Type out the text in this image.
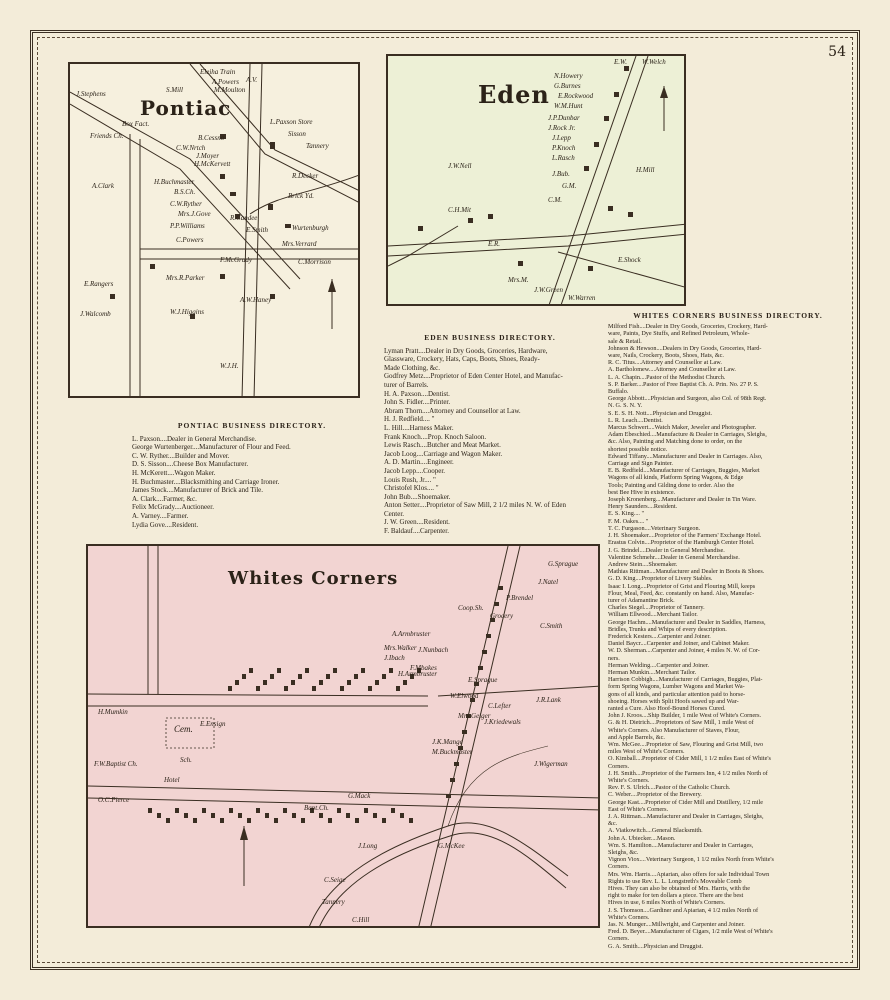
54
Pontiac
Eleiha Train
A.V.
J.Stephens	S.Mill
A.Powers
M.Moulton
Box Fact.
Friends Ch.	B.Cessno
C.W.Nrtch
J.Moyer
H.McKervett
L.Paxson Store
Sisson
Tannery
R.Decker
A.Clark	H.Buchmaster
B.S.Ch.
C.W.Ryther
Mrs.J.Gove
P.P.Williams
R.Candee
Brick Yd.
Wurtenburgh
Mrs.Verrard
E.Smith
C.Powers
Mrs.R.Parker
F.McGrady	C.Morrison
E.Rangers
J.Walcomb	W.J.Higgins
A.W.Haney
W.J.H.
Eden
E.W. W.Welch
N.Howery
G.Burnes
E.Rockwood
W.M.Hunt
J.P.Dunbar
J.Rock Jr.
J.Lepp
P.Knoch
L.Rasch
J.Bub.
G.M.
H.Mill
J.W.Nell
C.M.
C.H.Mit
Mrs.M.
J.W.Green
E.R.
W.Warren
E.Shock
PONTIAC BUSINESS DIRECTORY.
L. Paxson....Dealer in General Merchandise.
George Wurtenberger....Manufacturer of Flour and Feed.
C. W. Ryther....Builder and Mover.
D. S. Sisson....Cheese Box Manufacturer.
H. McKerett....Wagon Maker.
H. Buchmaster....Blacksmithing and Carriage Ironer.
James Stock....Manufacturer of Brick and Tile.
A. Clark....Farmer, &c.
Felix McGrady....Auctioneer.
A. Varney....Farmer.
Lydia Gove....Resident.
EDEN BUSINESS DIRECTORY.
Lyman Pratt....Dealer in Dry Goods, Groceries, Hardware,
Glassware, Crockery, Hats, Caps, Boots, Shoes, Ready-
Made Clothing, &c.
Godfrey Metz....Proprietor of Eden Center Hotel, and Manufac-
turer of Barrels.
H. A. Paxson....Dentist.
John S. Fidler....Printer.
Abram Thorn....Attorney and Counsellor at Law.
H. J. Redfield.... "
L. Hill....Harness Maker.
Frank Knoch....Prop. Knoch Saloon.
Lewis Rasch....Butcher and Meat Market.
Jacob Loog....Carriage and Wagon Maker.
A. D. Martin....Engineer.
Jacob Lepp....Cooper.
Louis Rush, Jr.... "
Christofel Klos.... "
John Bub....Shoemaker.
Anton Setter....Proprietor of Saw Mill, 2 1/2 miles N. W. of Eden
Center.
J. W. Green....Resident.
F. Baldauf....Carpenter.
WHITES CORNERS BUSINESS DIRECTORY.
Milford Fish....Dealer in Dry Goods, Groceries, Crockery, Hard-
ware, Paints, Dye Stuffs, and Refined Petroleum, Whole-
sale & Retail.
Johnson & Hewson....Dealers in Dry Goods, Groceries, Hard-
ware, Nails, Crockery, Boots, Shoes, Hats, &c.
R. C. Titus....Attorney and Counsellor at Law.
A. Bartholomew....Attorney and Counsellor at Law.
L. A. Chapin....Pastor of the Methodist Church.
S. P. Barker....Pastor of Free Baptist Ch. A. Prin. No. 27 P. S.
Buffalo.
George Abbott....Physician and Surgeon, also Col. of 98th Regt.
N. G. S. N. Y.
S. E. S. H. Nott....Physician and Druggist.
L. R. Leach....Dentist.
Marcus Schwert....Watch Maker, Jeweler and Photographer.
Adam Ebeschied....Manufacture & Dealer in Carriages, Sleighs,
&c. Also, Painting and Matching done to order, on the
shortest possible notice.
Edward Tiffany....Manufacturer and Dealer in Carriages. Also,
Carriage and Sign Painter.
E. B. Redfield....Manufacturer of Carriages, Buggies, Market
Wagons of all kinds, Platform Spring Wagons, & Edge
Tools; Painting and Gilding done to order. Also the
best Bee Hive in existence.
Joseph Kronenberg....Manufacturer and Dealer in Tin Ware.
Henry Saunders....Resident.
E. S. King.... "
F. M. Oakes.... "
T. C. Furgason....Veterinary Surgeon.
J. H. Shoemaker....Proprietor of the Farmers' Exchange Hotel.
Erastus Colvin....Proprietor of the Hamburgh Center Hotel.
J. G. Brindel....Dealer in General Merchandise.
Valentine Schmehr....Dealer in General Merchandise.
Andrew Stein....Shoemaker.
Mathias Rittman....Manufacturer and Dealer in Boots & Shoes.
G. D. King....Proprietor of Livery Stables.
Isaac I. Long....Proprietor of Grist and Flouring Mill, keeps
Flour, Meal, Feed, &c. constantly on hand. Also, Manufac-
turer of Adamantine Brick.
Charles Siegel....Proprietor of Tannery.
William Ellwood....Merchant Tailor.
George Hachm....Manufacturer and Dealer in Saddles, Harness,
Bridles, Trunks and Whips of every description.
Frederick Kesters....Carpenter and Joiner.
Daniel Baycr....Carpenter and Joiner, and Cabinet Maker.
W. D. Sherman....Carpenter and Joiner, 4 miles N. W. of Cor-
ners.
Herman Welding....Carpenter and Joiner.
Herman Munkin....Merchant Tailor.
Harrison Cobbigh....Manufacturer of Carriages, Buggies, Plat-
form Spring Wagons, Lumber Wagons and Market Wa-
gons of all kinds, and particular attention paid to horse-
shoeing. Horses with Split Hoofs sawed up and War-
ranted a Cure. Also Hoof-Bound Horses Cured.
John J. Kroos....Ship Builder, 1 mile West of White's Corners.
G. & H. Dietrich....Proprietors of Saw Mill, 1 mile West of
White's Corners. Also Manufacturer of Staves, Flour,
and Apple Barrels, &c.
Wm. McGee....Proprietor of Saw, Flouring and Grist Mill, two
miles West of White's Corners.
O. Kimball....Proprietor of Cider Mill, 1 1/2 miles East of White's
Corners.
J. H. Smith....Proprietor of the Farmers Inn, 4 1/2 miles North of
White's Corners.
Rev. F. S. Ulrich....Pastor of the Catholic Church.
C. Weber....Proprietor of the Brewery.
George Kast....Proprietor of Cider Mill and Distillery, 1/2 mile
East of White's Corners.
J. A. Rittman....Manufacturer and Dealer in Carriages, Sleighs,
&c.
A. Viatkowitch....General Blacksmith.
John A. Ubiecker....Mason.
Wm. S. Hamilton....Manufacturer and Dealer in Carriages,
Sleighs, &c.
Vignon Viox....Veterinary Surgeon, 1 1/2 miles North from White's
Corners.
Mrs. Wm. Harris....Apiarian, also offers for sale Individual Town
Rights to use Rev. L. L. Longstreth's Moveable Comb
Hives. They can also be obtained of Mrs. Harris, with the
right to make for ten dollars a piece. There are the best
Hives in use, 6 miles North of White's Corners.
J. S. Thomson....Gardiner and Apiarian, 4 1/2 miles North of
White's Corners.
Jas. N. Munger....Millwright, and Carpenter and Joiner.
Fred. D. Beyer....Manufacturer of Cigars, 1/2 mile West of White's
Corners.
G. A. Smith....Physician and Druggist.
Whites Corners
G.Sprague
J.Natel
A.Armbruster
Coop.Sh.
Grocery
P.Brendel
J.Nunbach
F.Mbakes
C.Smith
Mrs.Walker
J.Ibach
H.Armbruster
E.Sprague
W.Elwood
C.Lefter
J.R.Lank
H.Mumkin
F.W.Baptist Ch.
O.C.Pierce
Cem. E.Ensign
Sch.
Hotel
J.Wigerman
Bapt.Ch.
J.Kriedewals
C.Seige
J.Long
Tannery
Mrs.Geiger
G.McKee
J.K.Mange
M.Buckmaster
C.Hill
G.Mack
